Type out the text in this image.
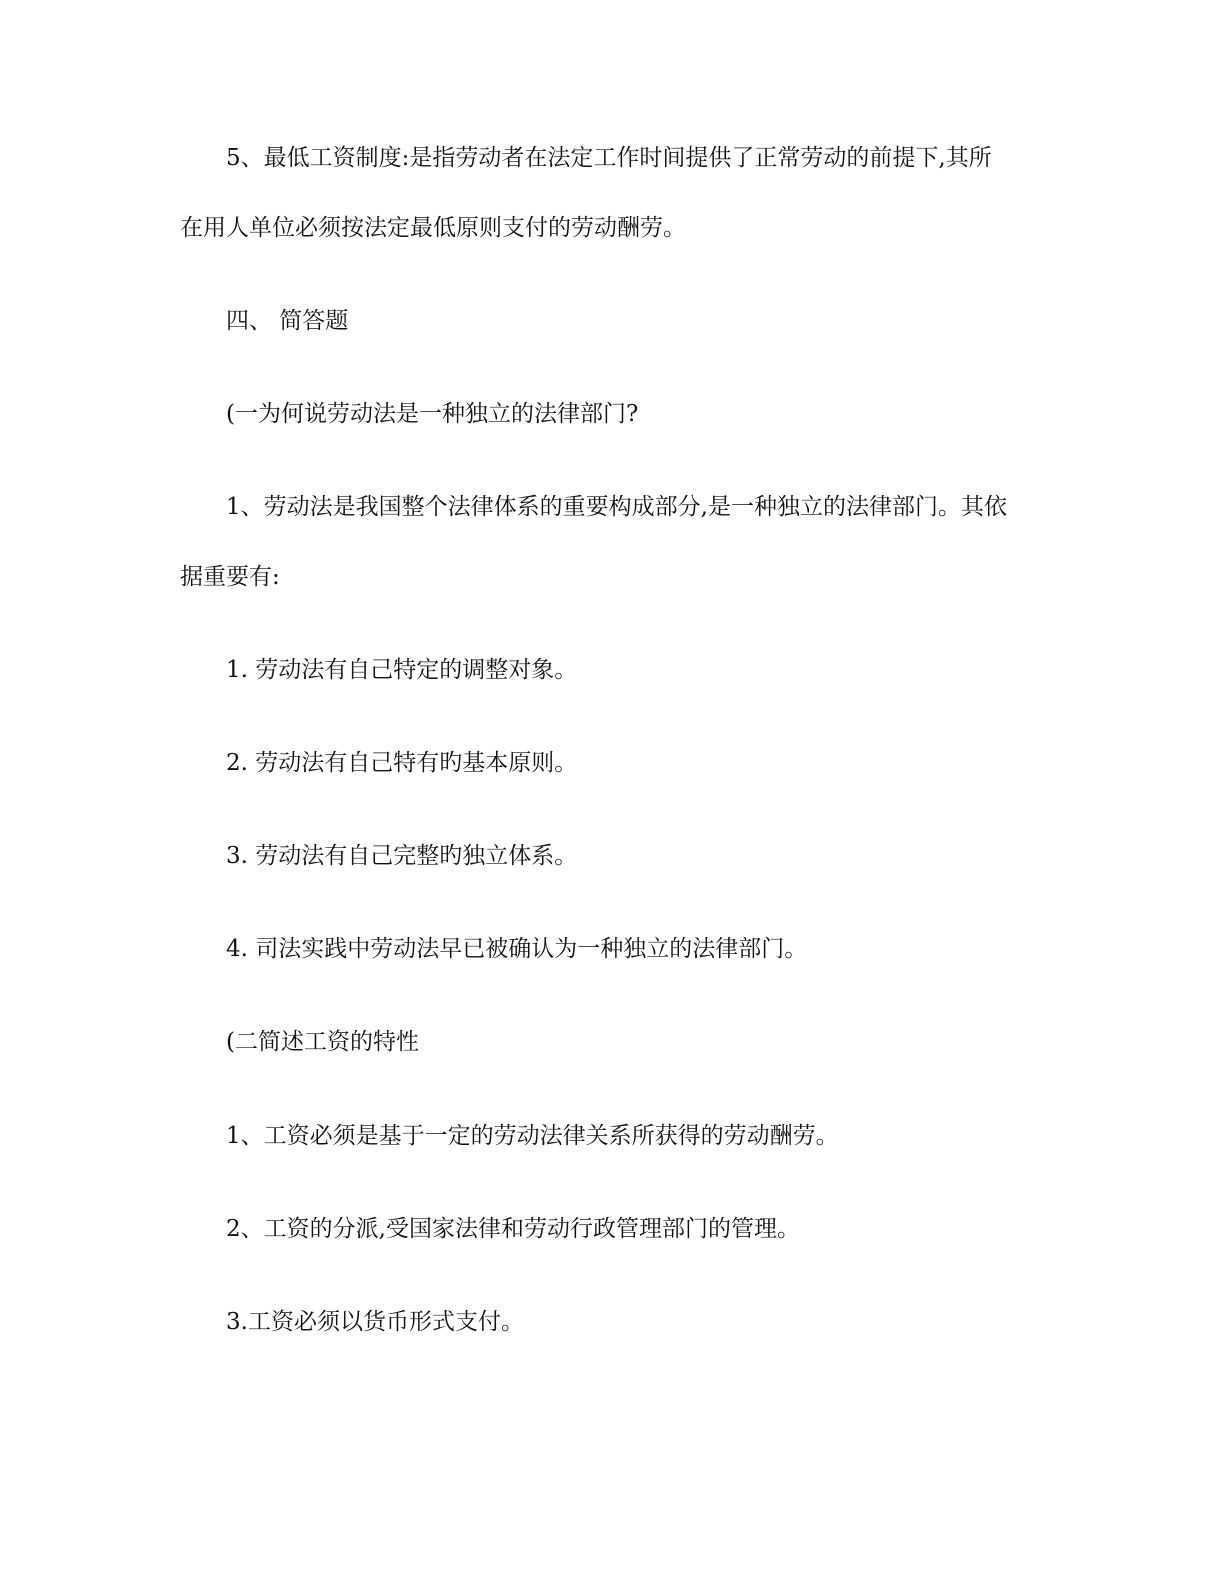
5、最低工资制度:是指劳动者在法定工作时间提供了正常劳动的前提下,其所
在用人单位必须按法定最低原则支付的劳动酬劳。
四、 简答题
(一为何说劳动法是一种独立的法律部门?
1、劳动法是我国整个法律体系的重要构成部分,是一种独立的法律部门。其依
据重要有:
1. 劳动法有自己特定的调整对象。
2. 劳动法有自己特有旳基本原则。
3. 劳动法有自己完整旳独立体系。
4. 司法实践中劳动法早已被确认为一种独立的法律部门。
(二简述工资的特性
1、工资必须是基于一定的劳动法律关系所获得的劳动酬劳。
2、工资的分派,受国家法律和劳动行政管理部门的管理。
3.工资必须以货币形式支付。
